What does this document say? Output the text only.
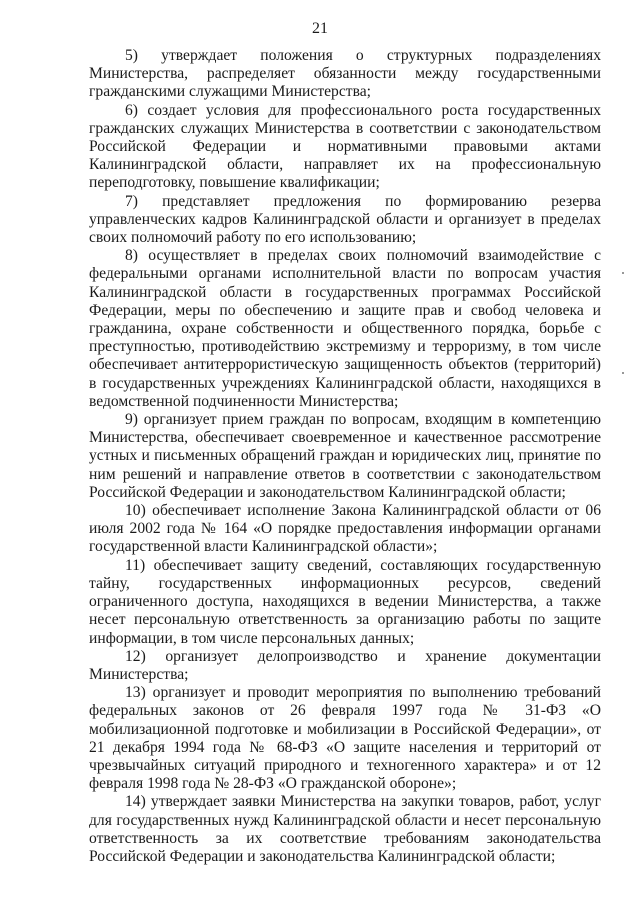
21

5) утверждает положения о структурных подразделениях Министерства, распределяет обязанности между государственными гражданскими служащими Министерства;

6) создает условия для профессионального роста государственных гражданских служащих Министерства в соответствии с законодательством Российской Федерации и нормативными правовыми актами Калининградской области, направляет их на профессиональную переподготовку, повышение квалификации;

7) представляет предложения по формированию резерва управленческих кадров Калининградской области и организует в пределах своих полномочий работу по его использованию;

8) осуществляет в пределах своих полномочий взаимодействие с федеральными органами исполнительной власти по вопросам участия Калининградской области в государственных программах Российской Федерации, меры по обеспечению и защите прав и свобод человека и гражданина, охране собственности и общественного порядка, борьбе с преступностью, противодействию экстремизму и терроризму, в том числе обеспечивает антитеррористическую защищенность объектов (территорий) в государственных учреждениях Калининградской области, находящихся в ведомственной подчиненности Министерства;

9) организует прием граждан по вопросам, входящим в компетенцию Министерства, обеспечивает своевременное и качественное рассмотрение устных и письменных обращений граждан и юридических лиц, принятие по ним решений и направление ответов в соответствии с законодательством Российской Федерации и законодательством Калининградской области;

10) обеспечивает исполнение Закона Калининградской области от 06 июля 2002 года № 164 «О порядке предоставления информации органами государственной власти Калининградской области»;

11) обеспечивает защиту сведений, составляющих государственную тайну, государственных информационных ресурсов, сведений ограниченного доступа, находящихся в ведении Министерства, а также несет персональную ответственность за организацию работы по защите информации, в том числе персональных данных;

12) организует делопроизводство и хранение документации Министерства;

13) организует и проводит мероприятия по выполнению требований федеральных законов от 26 февраля 1997 года № 31-ФЗ «О мобилизационной подготовке и мобилизации в Российской Федерации», от 21 декабря 1994 года № 68-ФЗ «О защите населения и территорий от чрезвычайных ситуаций природного и техногенного характера» и от 12 февраля 1998 года № 28-ФЗ «О гражданской обороне»;

14) утверждает заявки Министерства на закупки товаров, работ, услуг для государственных нужд Калининградской области и несет персональную ответственность за их соответствие требованиям законодательства Российской Федерации и законодательства Калининградской области;
